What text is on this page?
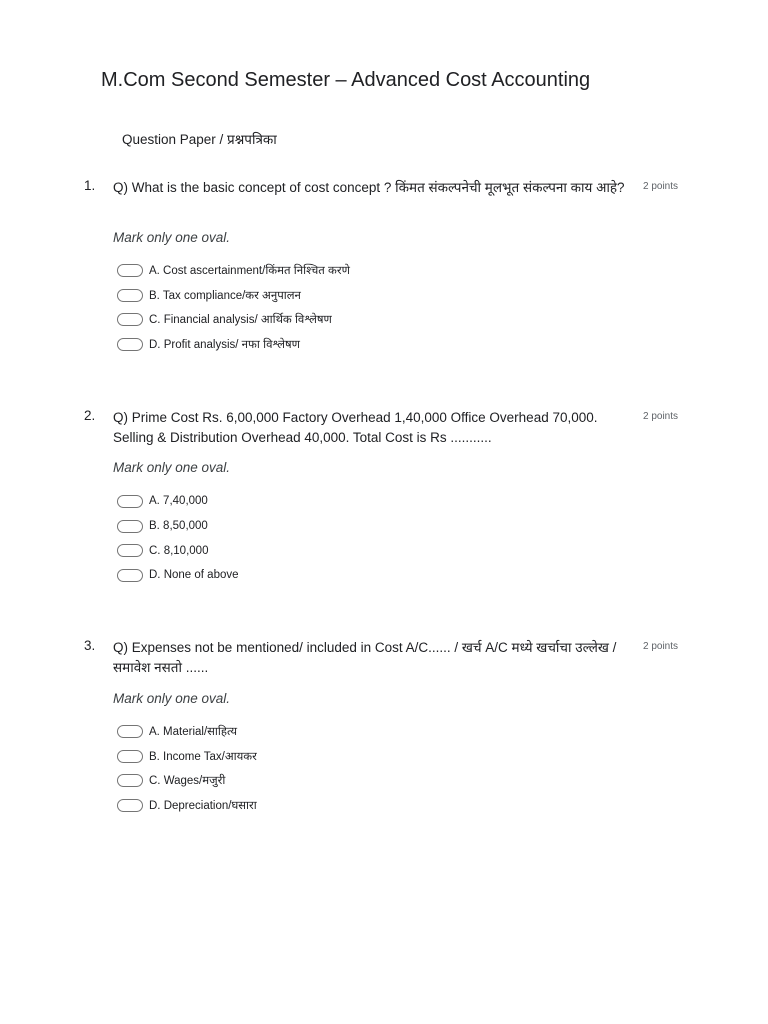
M.Com Second Semester – Advanced Cost Accounting
Question Paper / प्रश्नपत्रिका
1. Q) What is the basic concept of cost concept ? किंमत संकल्पनेची मूलभूत संकल्पना काय आहे?	2 points
Mark only one oval.
A. Cost ascertainment/किंमत निश्चित करणे
B. Tax compliance/कर अनुपालन
C. Financial analysis/ आर्थिक विश्लेषण
D. Profit analysis/ नफा विश्लेषण
2. Q) Prime Cost Rs. 6,00,000 Factory Overhead 1,40,000 Office Overhead 70,000. Selling & Distribution Overhead 40,000. Total Cost is Rs ...........
2 points
Mark only one oval.
A. 7,40,000
B. 8,50,000
C. 8,10,000
D. None of above
3. Q) Expenses not be mentioned/ included in Cost A/C...... / खर्च A/C मध्ये खर्चाचा उल्लेख / समावेश नसतो ......
2 points
Mark only one oval.
A. Material/साहित्य
B. Income Tax/आयकर
C. Wages/मजुरी
D. Depreciation/घसारा
